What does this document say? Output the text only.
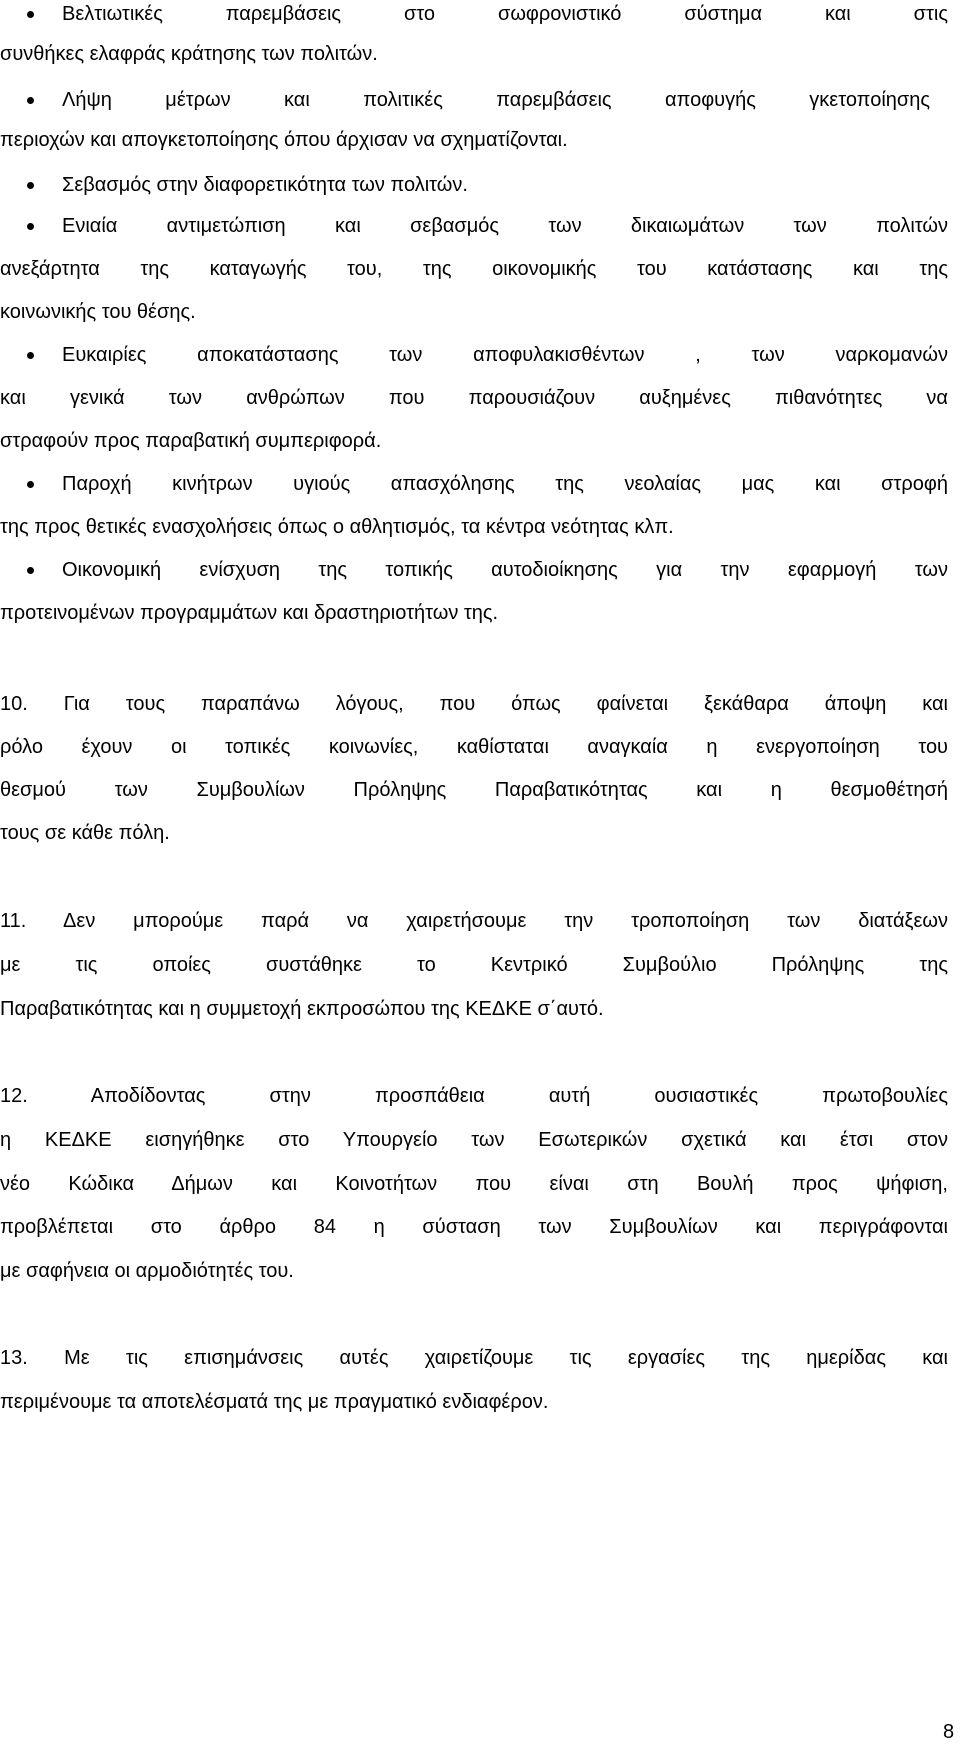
Βελτιωτικές παρεμβάσεις στο σωφρονιστικό σύστημα και στις
συνθήκες ελαφράς κράτησης των πολιτών.
Λήψη μέτρων και πολιτικές παρεμβάσεις αποφυγής γκετοποίησης
περιοχών και απογκετοποίησης όπου άρχισαν να σχηματίζονται.
Σεβασμός στην διαφορετικότητα των πολιτών.
Ενιαία αντιμετώπιση και σεβασμός των δικαιωμάτων των πολιτών
ανεξάρτητα της καταγωγής του, της οικονομικής του κατάστασης και της
κοινωνικής του θέσης.
Ευκαιρίες αποκατάστασης των αποφυλακισθέντων , των ναρκομανών
και γενικά των ανθρώπων που παρουσιάζουν αυξημένες πιθανότητες να
στραφούν προς παραβατική συμπεριφορά.
Παροχή κινήτρων υγιούς απασχόλησης της νεολαίας μας και στροφή
της προς θετικές ενασχολήσεις όπως ο αθλητισμός, τα κέντρα νεότητας κλπ.
Οικονομική ενίσχυση της τοπικής αυτοδιοίκησης για την εφαρμογή των
προτεινομένων προγραμμάτων και δραστηριοτήτων της.
10. Για τους παραπάνω λόγους, που όπως φαίνεται ξεκάθαρα άποψη και
ρόλο έχουν οι τοπικές κοινωνίες, καθίσταται αναγκαία η ενεργοποίηση του
θεσμού των Συμβουλίων Πρόληψης Παραβατικότητας και η θεσμοθέτησή
τους σε κάθε πόλη.
11. Δεν μπορούμε παρά να χαιρετήσουμε την τροποποίηση των διατάξεων
με τις οποίες συστάθηκε το Κεντρικό Συμβούλιο Πρόληψης της
Παραβατικότητας και η συμμετοχή εκπροσώπου της ΚΕΔΚΕ σ΄αυτό.
12. Αποδίδοντας στην προσπάθεια αυτή ουσιαστικές πρωτοβουλίες
η ΚΕΔΚΕ εισηγήθηκε στο Υπουργείο των Εσωτερικών σχετικά και έτσι στον
νέο Κώδικα Δήμων και Κοινοτήτων που είναι στη Βουλή προς ψήφιση,
προβλέπεται στο άρθρο 84 η σύσταση των Συμβουλίων και περιγράφονται
με σαφήνεια οι αρμοδιότητές του.
13. Με τις επισημάνσεις αυτές χαιρετίζουμε τις εργασίες της ημερίδας και
περιμένουμε τα αποτελέσματά της με πραγματικό ενδιαφέρον.
8
